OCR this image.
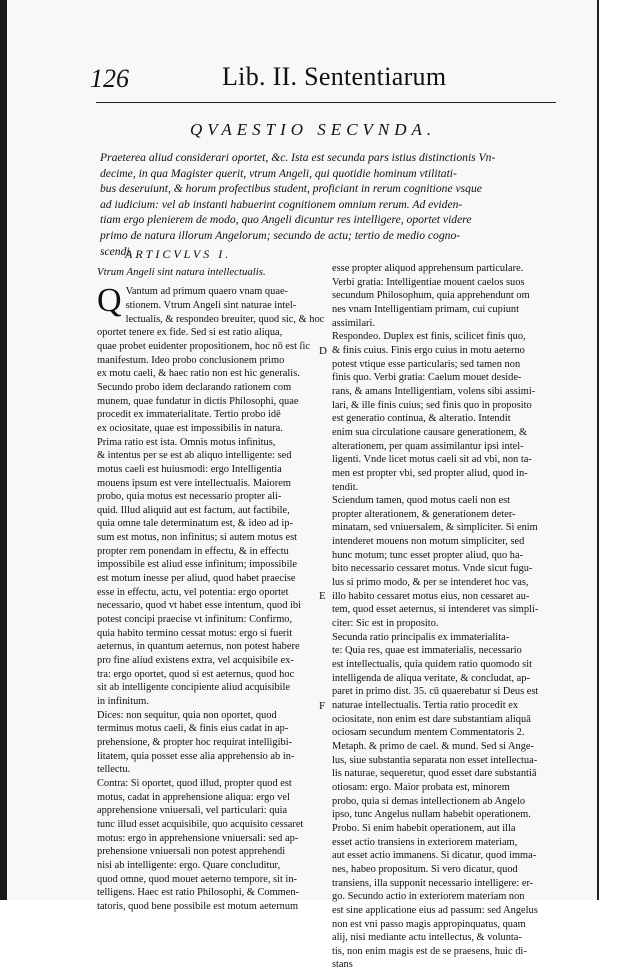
126	Lib. II. Sententiarum
QVAESTIO SECVNDA.
Praeterea aliud considerari oportet, &c. Ista est secunda pars istius distinctionis Vn-
decime, in qua Magister querit, vtrum Angeli, qui quotidie hominum vtilitati-
bus deseruiunt, & horum profectibus student, proficiant in rerum cognitione vsque
ad iudicium: vel ab instanti habuerint cognitionem omnium rerum. Ad eviden-
tiam ergo plenierem de modo, quo Angeli dicuntur res intelligere, oportet videre
primo de natura illorum Angelorum; secundo de actu; tertio de medio cogno-
scendi.
ARTICVLVS I.
Vtrum Angeli sint natura intellectualis.
Q Vantum ad primum quaero vnam quae-
stionem. Vtrum Angeli sint naturae intel-
lectualis, & respondeo breuiter, quod sic, & hoc
oportet tenere ex fide. Sed si est ratio aliqua,
quae probet euidenter propositionem, hoc nō est ſic
manifestum. Ideo probo conclusionem primo
ex motu caeli, & haec ratio non est hic generalis.
Secundo probo idem declarando rationem com
munem, quae fundatur in dictis Philosophi, quae
procedit ex immaterialitate. Tertio probo idē
ex ociositate, quae est impossibilis in natura.
Prima ratio est ista. Omnis motus infinitus,
& intentus per se est ab aliquo intelligente: sed
motus caeli est huiusmodi: ergo Intelligentia
mouens ipsum est vere intellectualis. Maiorem
probo, quia motus est necessario propter ali-
quid. Illud aliquid aut est factum, aut factibile,
quia omne tale determinatum est, & ideo ad ip-
sum est motus, non infinitus; si autem motus est
propter rem ponendam in effectu, & in effectu
impossibile est aliud esse infinitum; impossibile
est motum inesse per aliud, quod habet praecise
esse in effectu, actu, vel potentia: ergo oportet
necessario, quod vt habet esse intentum, quod ibi
potest concipi praecise vt infinitum: Confirmo,
quia habito termino cessat motus: ergo si fuerit
aeternus, in quantum aeternus, non potest habere
pro fine aliud existens extra, vel acquisibile ex-
tra: ergo oportet, quod si est aeternus, quod hoc
sit ab intelligente concipiente aliud acquisibile
in infinitum.
Dices: non sequitur, quia non oportet, quod
terminus motus caeli, & finis eius cadat in ap-
prehensione, & propter hoc requirat intelligibi-
litatem, quia posset esse alia apprehensio ab in-
tellectu.
Contra: Si oportet, quod illud, propter quod est
motus, cadat in apprehensione aliqua: ergo vel
apprehensione vniuersali, vel particulari: quia
tunc illud esset acquisibile, quo acquisito cessaret
motus: ergo in apprehensione vniuersali: sed ap-
prehensione vniuersali non potest apprehendi
nisi ab intelligente: ergo. Quare concluditur,
quod omne, quod mouet aeterno tempore, sit in-
telligens. Haec est ratio Philosophi, & Commen-
tatoris, quod bene possibile est motum aeternum
esse propter aliquod apprehensum particulare.
Verbi gratia: Intelligentiae mouent caelos suos
secundum Philosophum, quia apprehendunt om
nes vnam Intelligentiam primam, cui cupiunt
assimilari.
Respondeo. Duplex est finis, scilicet finis quo,
& finis cuius. Finis ergo cuius in motu aeterno
potest vtique esse particularis; sed tamen non
finis quo. Verbi gratia: Caelum mouet deside-
rans, & amans Intelligentiam, volens sibi assimi-
lari, & ille finis cuius; sed finis quo in proposito
est generatio continua, & alteratio. Intendit
enim sua circulatione causare generationem, &
alterationem, per quam assimilantur ipsi intel-
ligenti. Vnde licet motus caeli sit ad vbi, non ta-
men est propter vbi, sed propter aliud, quod in-
tendit.
Sciendum tamen, quod motus caeli non est
propter alterationem, & generationem deter-
minatam, sed vniuersalem, & simpliciter. Si enim
intenderet mouens non motum simpliciter, sed
hunc motum; tunc esset propter aliud, quo ha-
bito necessario cessaret motus. Vnde sicut fugu-
lus si primo modo, & per se intenderet hoc vas,
illo habito cessaret motus eius, non cessaret au-
tem, quod esset aeternus, si intenderet vas simpli-
citer: Sic est in proposito.
Secunda ratio principalis ex immaterialita-
te: Quia res, quae est immaterialis, necessario
est intellectualis, quia quidem ratio quomodo sit
intelligenda de aliqua veritate, & concludat, ap-
paret in primo dist. 35. cū quaerebatur si Deus est
naturae intellectualis. Tertia ratio procedit ex
ociositate, non enim est dare substantiam aliquā
ociosam secundum mentem Commentatoris 2.
Metaph. & primo de cael. & mund. Sed si Ange-
lus, siue substantia separata non esset intellectua-
lis naturae, sequeretur, quod esset dare substantiā
otiosam: ergo. Maior probata est, minorem
probo, quia si demas intellectionem ab Angelo
ipso, tunc Angelus nullam habebit operationem.
Probo. Si enim habebit operationem, aut illa
esset actio transiens in exteriorem materiam,
aut esset actio immanens. Si dicatur, quod imma-
nes, habeo propositum. Si vero dicatur, quod
transiens, illa supponit necessario intelligere: er-
go. Secundo actio in exteriorem materiam non
est sine applicatione eius ad passum: sed Angelus
non est vni passo magis appropinquatus, quam
alij, nisi mediante actu intellectus, & volunta-
tis, non enim magis est de se praesens, huic di-
stans
D
E
F
